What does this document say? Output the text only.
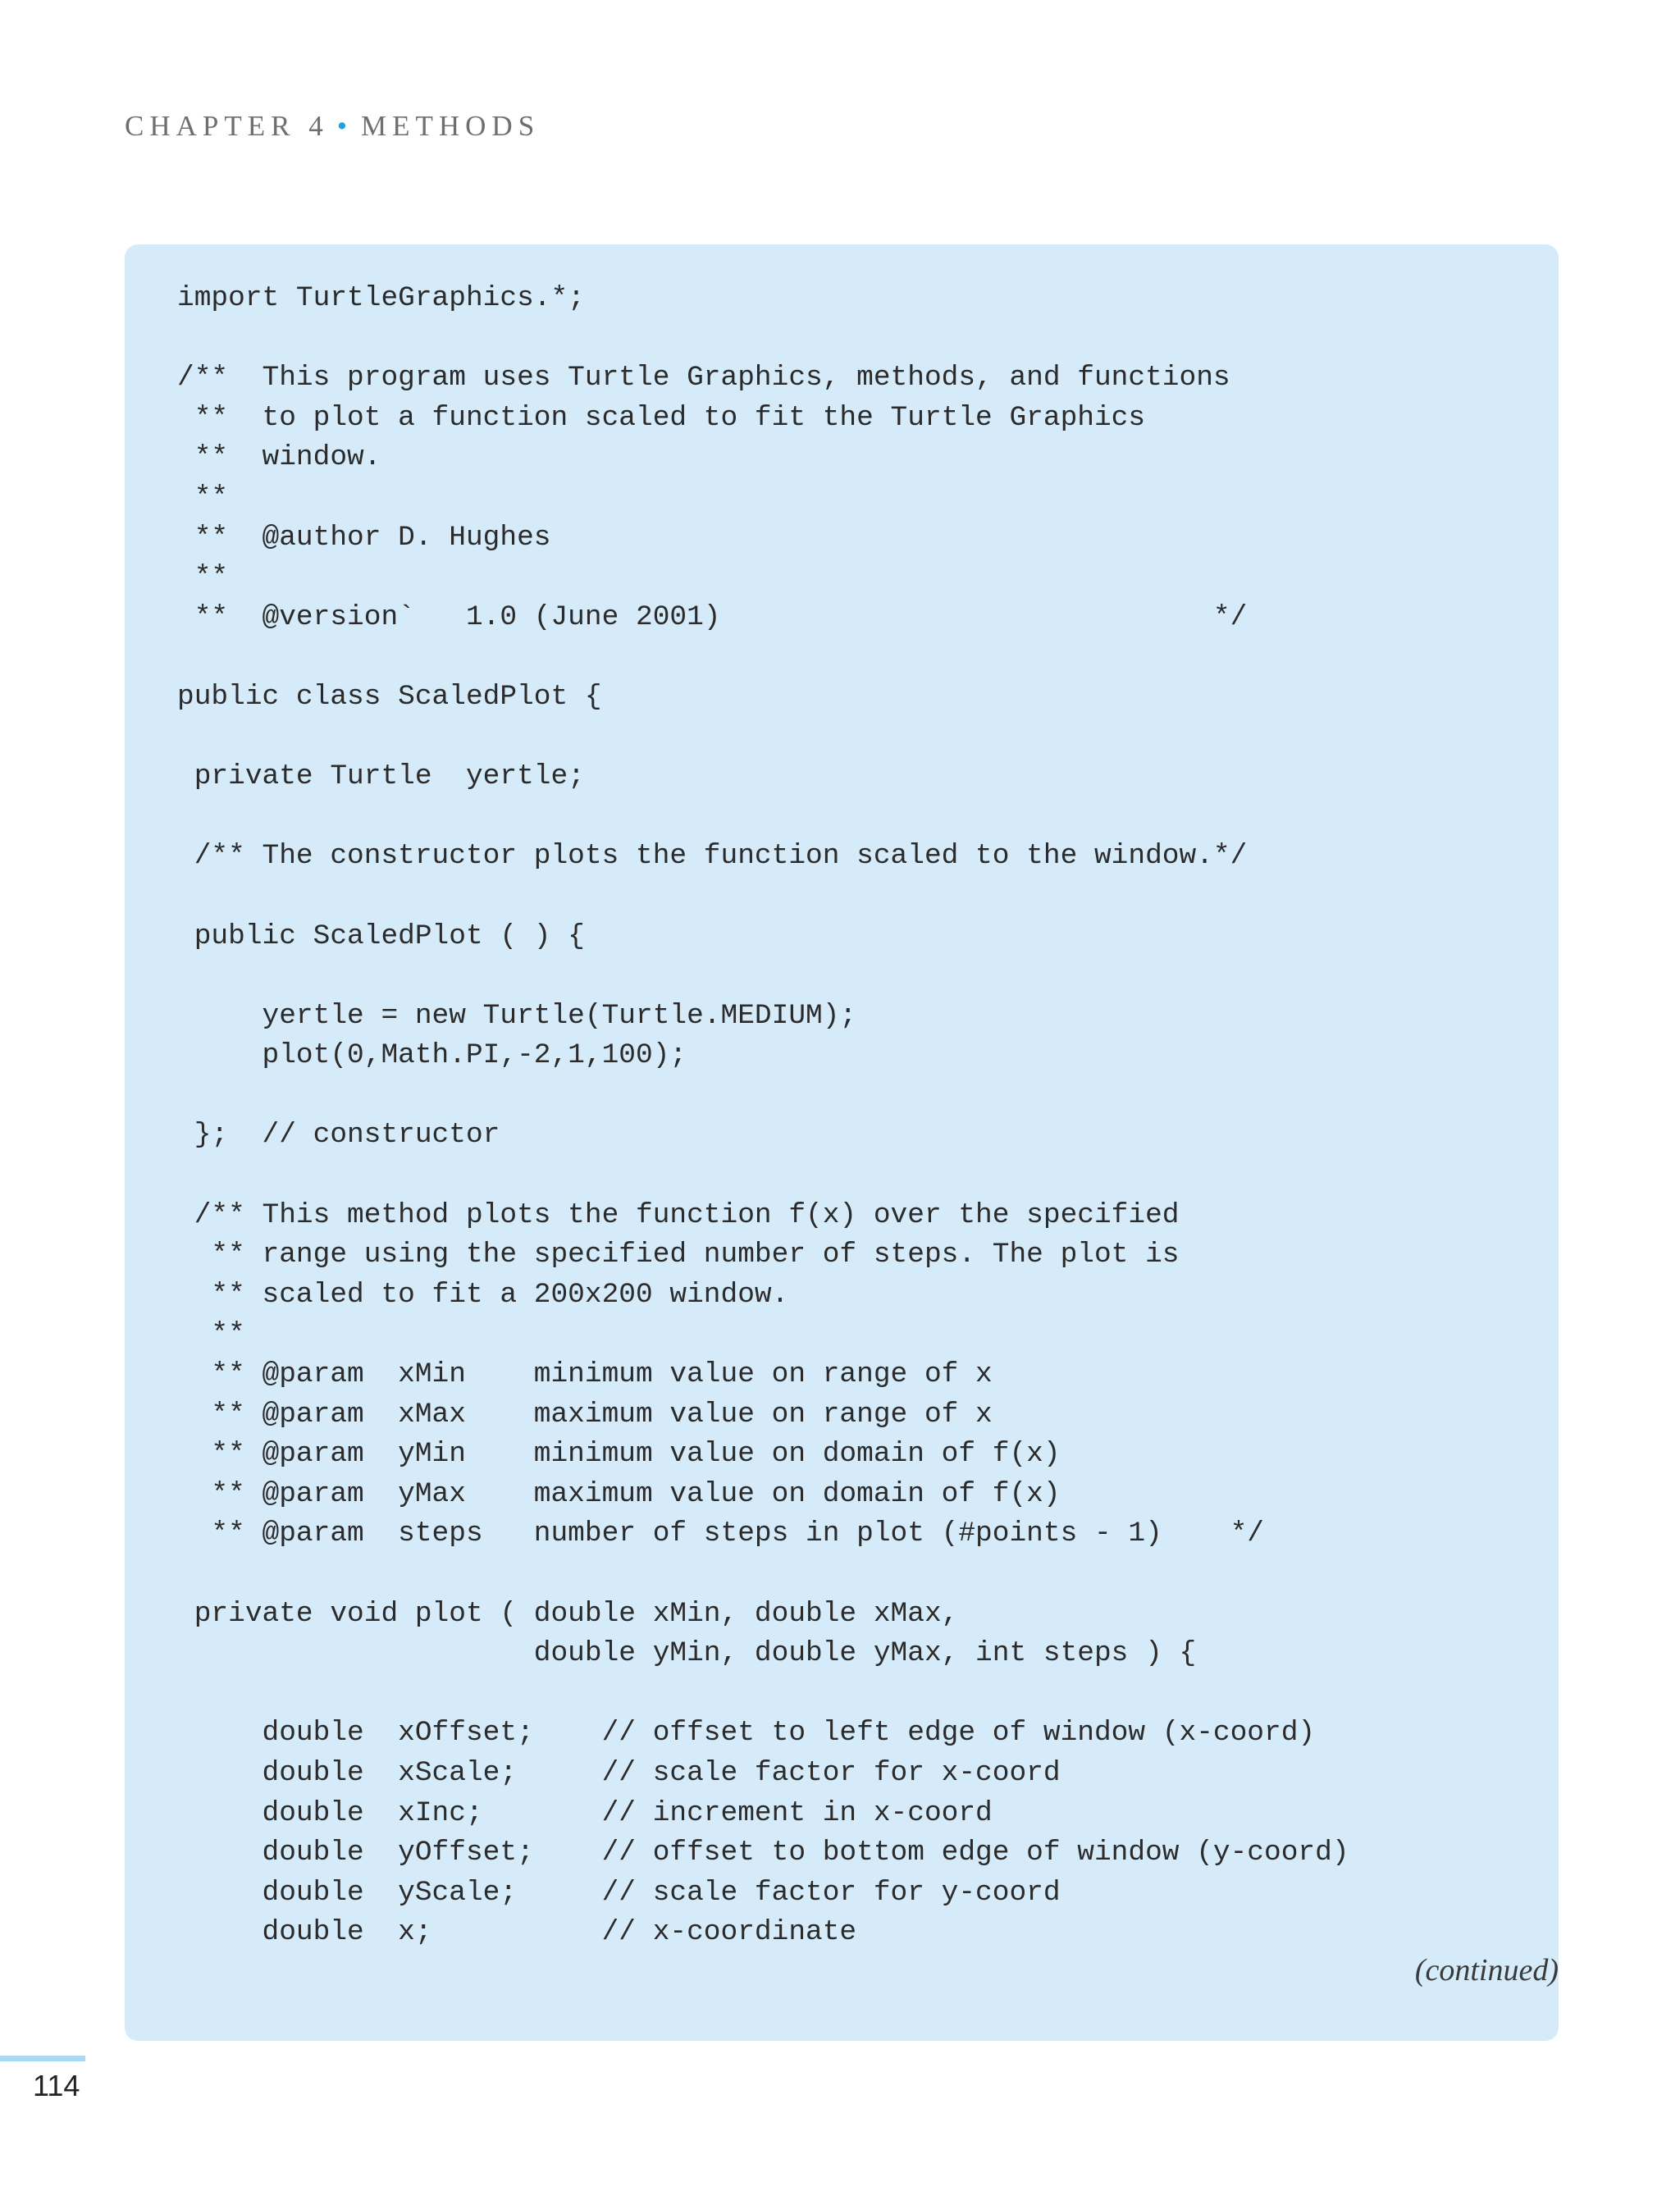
CHAPTER 4 • METHODS
import TurtleGraphics.*;
/**  This program uses Turtle Graphics, methods, and functions
**  to plot a function scaled to fit the Turtle Graphics
**  window.
**
**  @author D. Hughes
**
**  @version`   1.0 (June 2001)                             */
public class ScaledPlot {
private Turtle  yertle;
/** The constructor plots the function scaled to the window.*/
public ScaledPlot ( ) {
yertle = new Turtle(Turtle.MEDIUM);
plot(0,Math.PI,-2,1,100);
};  // constructor
/** This method plots the function f(x) over the specified
** range using the specified number of steps. The plot is
** scaled to fit a 200x200 window.
**
** @param  xMin    minimum value on range of x
** @param  xMax    maximum value on range of x
** @param  yMin    minimum value on domain of f(x)
** @param  yMax    maximum value on domain of f(x)
** @param  steps   number of steps in plot (#points - 1)    */
private void plot ( double xMin, double xMax,
double yMin, double yMax, int steps ) {
double  xOffset;    // offset to left edge of window (x-coord)
double  xScale;     // scale factor for x-coord
double  xInc;       // increment in x-coord
double  yOffset;    // offset to bottom edge of window (y-coord)
double  yScale;     // scale factor for y-coord
double  x;          // x-coordinate
(continued)
114
